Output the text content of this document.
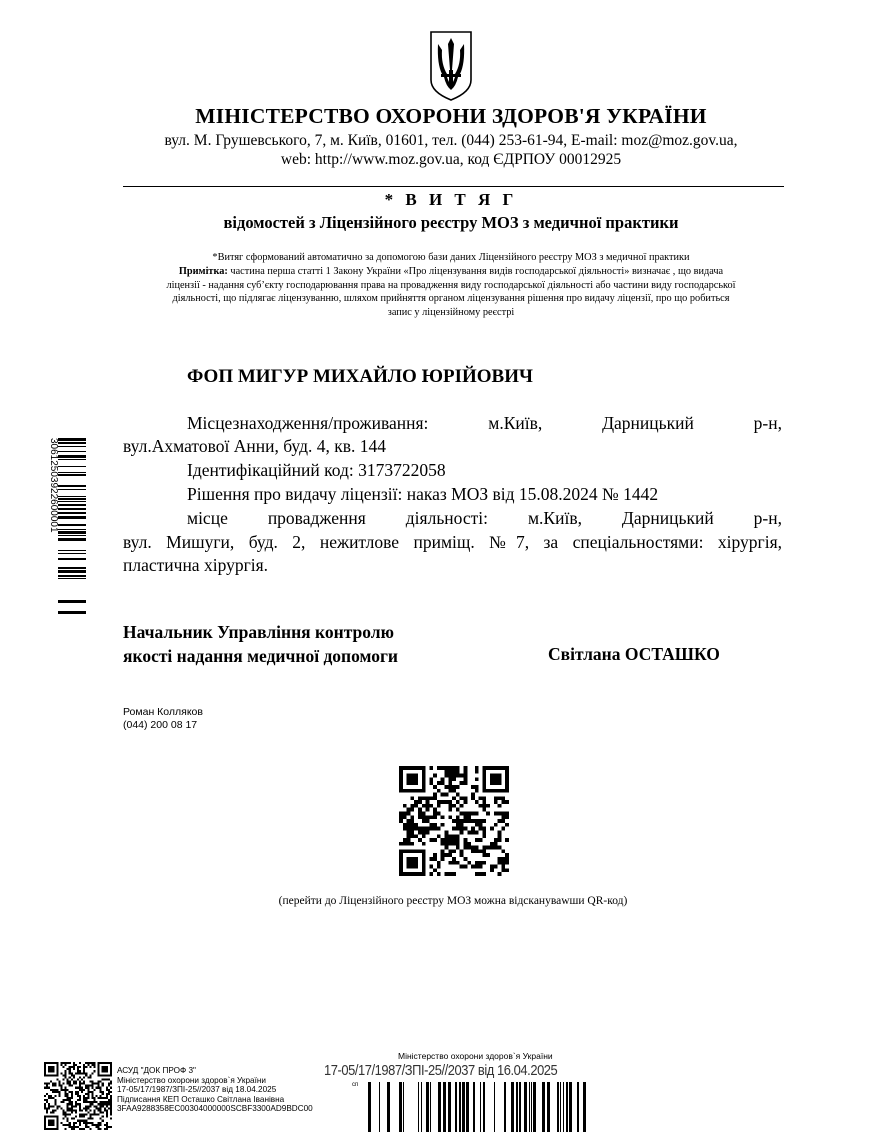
МІНІСТЕРСТВО ОХОРОНИ ЗДОРОВ'Я УКРАЇНИ
вул. М. Грушевського, 7, м. Київ, 01601, тел. (044) 253-61-94, E-mail: moz@moz.gov.ua,
web: http://www.moz.gov.ua, код ЄДРПОУ 00012925
* В И Т Я Г
відомостей з Ліцензійного реєстру МОЗ з медичної практики
*Витяг сформований автоматично за допомогою бази даних Ліцензійного реєстру МОЗ з медичної практики
Примітка: частина перша статті 1 Закону України «Про ліцензування видів господарської діяльності» визначає , що видача
ліцензії - надання суб’єкту господарювання права на провадження виду господарської діяльності або частини виду господарської
діяльності, що підлягає ліцензуванню, шляхом прийняття органом ліцензування рішення про видачу ліцензії, про що робиться
запис у ліцензійному реєстрі
ФОП МИГУР МИХАЙЛО ЮРІЙОВИЧ
Місцезнаходження/проживання: м.Київ, Дарницький р-н,
вул.Ахматової Анни, буд. 4, кв. 144
Ідентифікаційний код: 3173722058
Рішення про видачу ліцензії: наказ МОЗ від 15.08.2024 № 1442
місце провадження діяльності: м.Київ, Дарницький р-н,
вул. Мишуги, буд. 2, нежитлове приміщ. №7, за спеціальностями: хірургія,
пластична хірургія.
Начальник Управління контролю
якості надання медичної допомоги	Світлана ОСТАШКО
Роман Колляков
(044) 200 08 17
(перейти до Ліцензійного реєстру МОЗ можна відскануваwши QR-код)
30612503922600001
АСУД "ДОК ПРОФ 3"
Міністерство охорони здоров`я України
17-05/17/1987/ЗПІ-25//2037 від 18.04.2025
Підписання КЕП Осташко Світлана Іванівна
3FAA9288358EC00304000000SCBF3300AD9BDC00
Міністерство охорони здоров`я України
17-05/17/1987/ЗПІ-25//2037 від 16.04.2025
сп
